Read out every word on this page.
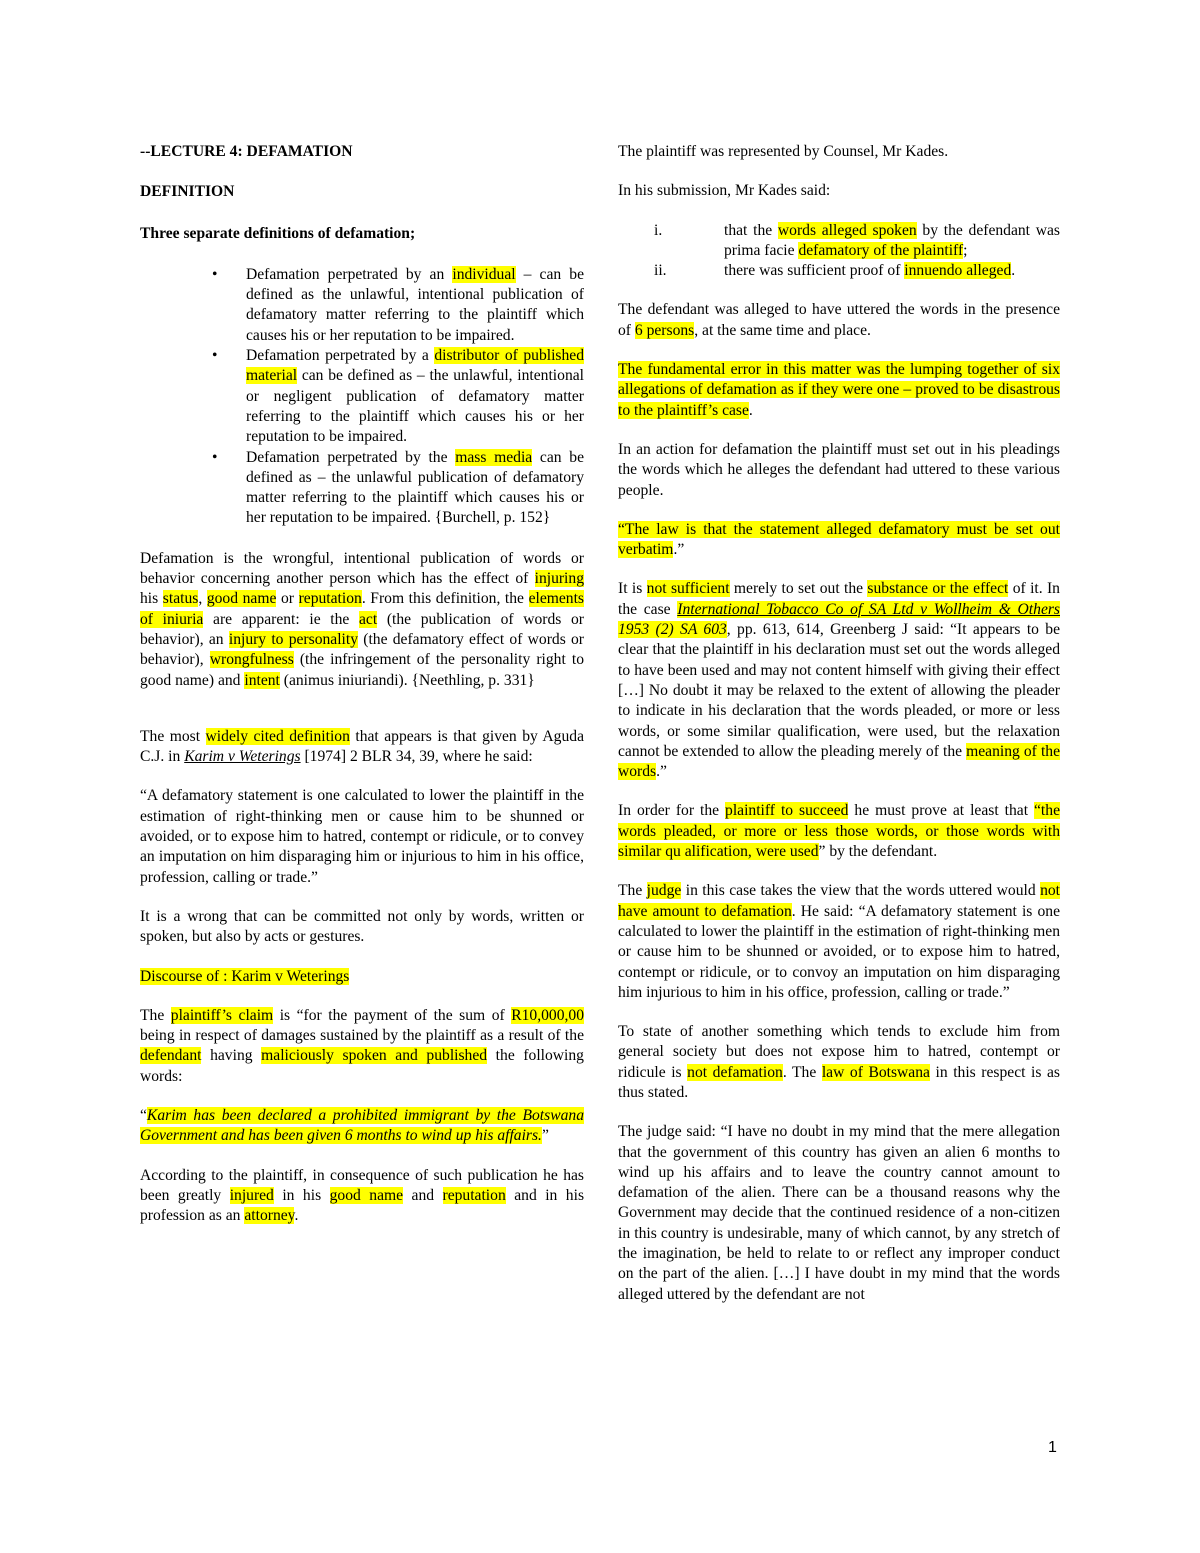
--LECTURE 4: DEFAMATION
DEFINITION
Three separate definitions of defamation;
• Defamation perpetrated by an individual – can be defined as the unlawful, intentional publication of defamatory matter referring to the plaintiff which causes his or her reputation to be impaired.
• Defamation perpetrated by a distributor of published material can be defined as – the unlawful, intentional or negligent publication of defamatory matter referring to the plaintiff which causes his or her reputation to be impaired.
• Defamation perpetrated by the mass media can be defined as – the unlawful publication of defamatory matter referring to the plaintiff which causes his or her reputation to be impaired. {Burchell, p. 152}

Defamation is the wrongful, intentional publication of words or behavior concerning another person which has the effect of injuring his status, good name or reputation. From this definition, the elements of iniuria are apparent: ie the act (the publication of words or behavior), an injury to personality (the defamatory effect of words or behavior), wrongfulness (the infringement of the personality right to good name) and intent (animus iniuriandi). {Neethling, p. 331}

The most widely cited definition that appears is that given by Aguda C.J. in Karim v Weterings [1974] 2 BLR 34, 39, where he said:

“A defamatory statement is one calculated to lower the plaintiff in the estimation of right-thinking men or cause him to be shunned or avoided, or to expose him to hatred, contempt or ridicule, or to convey an imputation on him disparaging him or injurious to him in his office, profession, calling or trade.”

It is a wrong that can be committed not only by words, written or spoken, but also by acts or gestures.

Discourse of : Karim v Weterings

The plaintiff’s claim is “for the payment of the sum of R10,000,00 being in respect of damages sustained by the plaintiff as a result of the defendant having maliciously spoken and published the following words:

“Karim has been declared a prohibited immigrant by the Botswana Government and has been given 6 months to wind up his affairs.”

According to the plaintiff, in consequence of such publication he has been greatly injured in his good name and reputation and in his profession as an attorney.

The plaintiff was represented by Counsel, Mr Kades.

In his submission, Mr Kades said:

i.	that the words alleged spoken by the defendant was prima facie defamatory of the plaintiff;
ii.	there was sufficient proof of innuendo alleged.

The defendant was alleged to have uttered the words in the presence of 6 persons, at the same time and place.

The fundamental error in this matter was the lumping together of six allegations of defamation as if they were one – proved to be disastrous to the plaintiff’s case.

In an action for defamation the plaintiff must set out in his pleadings the words which he alleges the defendant had uttered to these various people.

“The law is that the statement alleged defamatory must be set out verbatim.”

It is not sufficient merely to set out the substance or the effect of it. In the case International Tobacco Co of SA Ltd v Wollheim & Others 1953 (2) SA 603, pp. 613, 614, Greenberg J said: “It appears to be clear that the plaintiff in his declaration must set out the words alleged to have been used and may not content himself with giving their effect […] No doubt it may be relaxed to the extent of allowing the pleader to indicate in his declaration that the words pleaded, or more or less words, or some similar qualification, were used, but the relaxation cannot be extended to allow the pleading merely of the meaning of the words.”

In order for the plaintiff to succeed he must prove at least that “the words pleaded, or more or less those words, or those words with similar qu alification, were used” by the defendant.

The judge in this case takes the view that the words uttered would not have amount to defamation. He said: “A defamatory statement is one calculated to lower the plaintiff in the estimation of right-thinking men or cause him to be shunned or avoided, or to expose him to hatred, contempt or ridicule, or to convoy an imputation on him disparaging him injurious to him in his office, profession, calling or trade.”

To state of another something which tends to exclude him from general society but does not expose him to hatred, contempt or ridicule is not defamation. The law of Botswana in this respect is as thus stated.

The judge said: “I have no doubt in my mind that the mere allegation that the government of this country has given an alien 6 months to wind up his affairs and to leave the country cannot amount to defamation of the alien. There can be a thousand reasons why the Government may decide that the continued residence of a non-citizen in this country is undesirable, many of which cannot, by any stretch of the imagination, be held to relate to or reflect any improper conduct on the part of the alien. […] I have doubt in my mind that the words alleged uttered by the defendant are not

1
